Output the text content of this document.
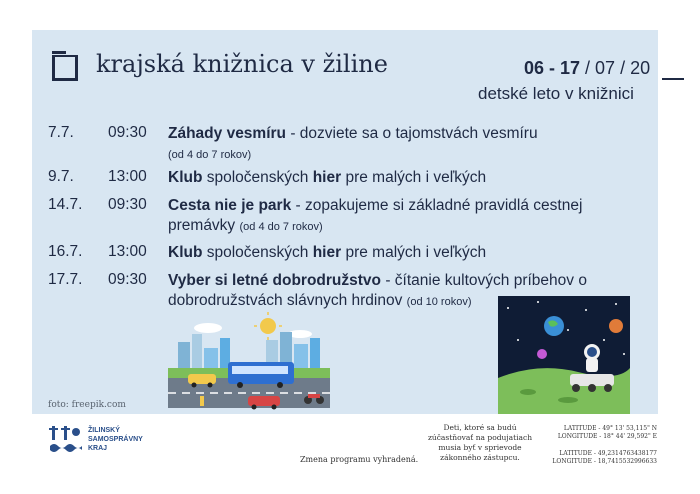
krajská knižnica v žiline	06 - 17 / 07 / 20
detské leto v knižnici
7.7. 09:30 Záhady vesmíru - dozviete sa o tajomstvách vesmíru
(od 4 do 7 rokov)
9.7. 13:00 Klub spoločenských hier pre malých i veľkých
14.7. 09:30 Cesta nie je park - zopakujeme si základné pravidlá cestnej premávky (od 4 do 7 rokov)
16.7. 13:00 Klub spoločenských hier pre malých i veľkých
17.7. 09:30 Vyber si letné dobrodružstvo - čítanie kultových príbehov o dobrodružstvách slávnych hrdinov (od 10 rokov)
foto: freepik.com
ŽILINSKÝ
SAMOSPRÁVNY
KRAJ
Zmena programu vyhradená.
Deti, ktoré sa budú zúčastňovať na podujatiach musia byť v sprievode zákonného zástupcu.
LATITUDE - 49° 13' 53,115" N
LONGITUDE - 18° 44' 29,592" E
LATITUDE - 49,2314763438177
LONGITUDE - 18,7415532996633
